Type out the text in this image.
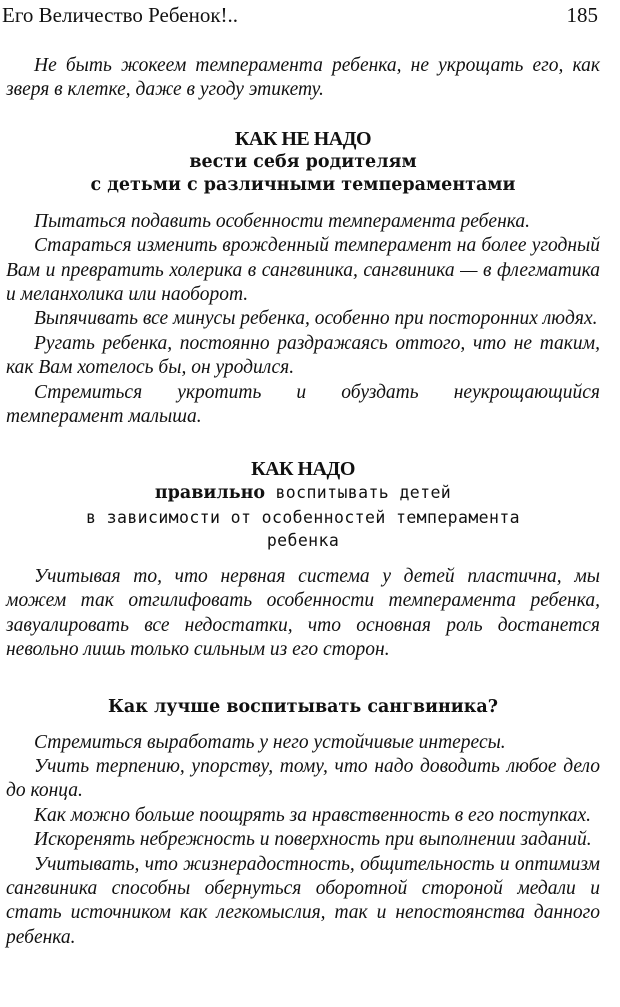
Его Величество Ребенок!..	185

Не быть жокеем темперамента ребенка, не укрощать его, как зверя в клетке, даже в угоду этикету.

КАК НЕ НАДО

вести себя родителям

с детьми с различными темпераментами

Пытаться подавить особенности темперамента ребенка.

Стараться изменить врожденный темперамент на более угодный Вам и превратить холерика в сангвиника, сангвиника — в флегматика и меланхолика или наоборот.

Выпячивать все минусы ребенка, особенно при посторонних людях.

Ругать ребенка, постоянно раздражаясь оттого, что не таким, как Вам хотелось бы, он уродился.

Стремиться укротить и обуздать неукрощающийся темперамент малыша.

КАК НАДО

правильно воспитывать детей

в зависимости от особенностей темперамента

ребенка

Учитывая то, что нервная система у детей пластична, мы можем так отгилифовать особенности темперамента ребенка, завуалировать все недостатки, что основная роль достанется невольно лишь только сильным из его сторон.

Как лучше воспитывать сангвиника?

Стремиться выработать у него устойчивые интересы.

Учить терпению, упорству, тому, что надо доводить любое дело до конца.

Как можно больше поощрять за нравственность в его поступках.

Искоренять небрежность и поверхность при выполнении заданий.

Учитывать, что жизнерадостность, общительность и оптимизм сангвиника способны обернуться оборотной стороной медали и стать источником как легкомыслия, так и непостоянства данного ребенка.
